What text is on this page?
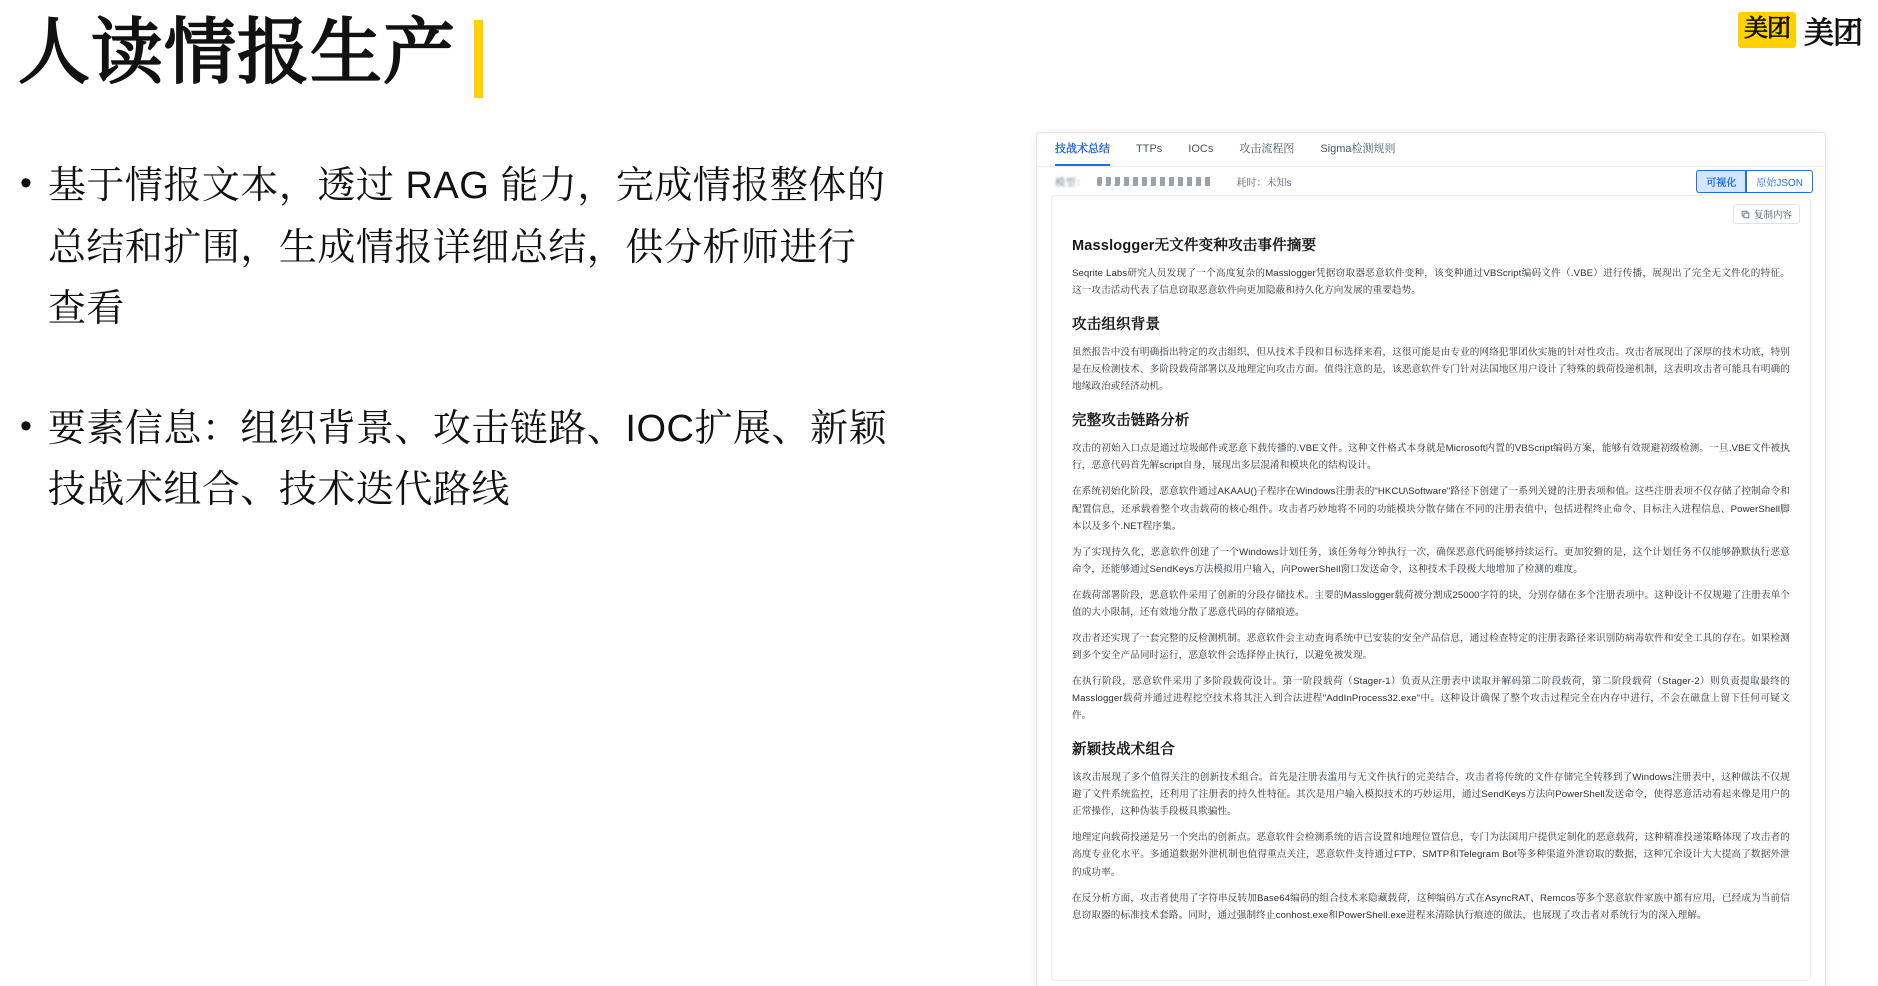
美团 美团
人读情报生产
• 基于情报文本，透过 RAG 能力，完成情报整体的总结和扩围，生成情报详细总结，供分析师进行查看
• 要素信息：组织背景、攻击链路、IOC扩展、新颖技战术组合、技术迭代路线
技战术总结 TTPs IOCs 攻击流程图 Sigma检测规则
模型：	耗时：未知s	可视化	原始JSON
复制内容
Masslogger无文件变种攻击事件摘要

Seqrite Labs研究人员发现了一个高度复杂的Masslogger凭据窃取器恶意软件变种，该变种通过VBScript编码文件（.VBE）进行传播，展现出了完全无文件化的特征。这一攻击活动代表了信息窃取恶意软件向更加隐蔽和持久化方向发展的重要趋势。

攻击组织背景

虽然报告中没有明确指出特定的攻击组织，但从技术手段和目标选择来看，这很可能是由专业的网络犯罪团伙实施的针对性攻击。攻击者展现出了深厚的技术功底，特别是在反检测技术、多阶段载荷部署以及地理定向攻击方面。值得注意的是，该恶意软件专门针对法国地区用户设计了特殊的载荷投递机制，这表明攻击者可能具有明确的地缘政治或经济动机。

完整攻击链路分析

攻击的初始入口点是通过垃圾邮件或恶意下载传播的.VBE文件。这种文件格式本身就是Microsoft内置的VBScript编码方案，能够有效规避初级检测。一旦.VBE文件被执行，恶意代码首先解script自身，展现出多层混淆和模块化的结构设计。

在系统初始化阶段，恶意软件通过AKAAU()子程序在Windows注册表的"HKCU\Software"路径下创建了一系列关键的注册表项和值。这些注册表项不仅存储了控制命令和配置信息，还承载着整个攻击载荷的核心组件。攻击者巧妙地将不同的功能模块分散存储在不同的注册表值中，包括进程终止命令、目标注入进程信息、PowerShell脚本以及多个.NET程序集。

为了实现持久化，恶意软件创建了一个Windows计划任务，该任务每分钟执行一次，确保恶意代码能够持续运行。更加狡猾的是，这个计划任务不仅能够静默执行恶意命令，还能够通过SendKeys方法模拟用户输入，向PowerShell窗口发送命令，这种技术手段极大地增加了检测的难度。

在载荷部署阶段，恶意软件采用了创新的分段存储技术。主要的Masslogger载荷被分割成25000字符的块，分别存储在多个注册表项中。这种设计不仅规避了注册表单个值的大小限制，还有效地分散了恶意代码的存储痕迹。

攻击者还实现了一套完整的反检测机制。恶意软件会主动查询系统中已安装的安全产品信息，通过检查特定的注册表路径来识别防病毒软件和安全工具的存在。如果检测到多个安全产品同时运行，恶意软件会选择停止执行，以避免被发现。

在执行阶段，恶意软件采用了多阶段载荷设计。第一阶段载荷（Stager-1）负责从注册表中读取并解码第二阶段载荷，第二阶段载荷（Stager-2）则负责提取最终的Masslogger载荷并通过进程挖空技术将其注入到合法进程"AddInProcess32.exe"中。这种设计确保了整个攻击过程完全在内存中进行，不会在磁盘上留下任何可疑文件。

新颖技战术组合

该攻击展现了多个值得关注的创新技术组合。首先是注册表滥用与无文件执行的完美结合，攻击者将传统的文件存储完全转移到了Windows注册表中，这种做法不仅规避了文件系统监控，还利用了注册表的持久性特征。其次是用户输入模拟技术的巧妙运用，通过SendKeys方法向PowerShell发送命令，使得恶意活动看起来像是用户的正常操作，这种伪装手段极具欺骗性。

地理定向载荷投递是另一个突出的创新点。恶意软件会检测系统的语言设置和地理位置信息，专门为法国用户提供定制化的恶意载荷，这种精准投递策略体现了攻击者的高度专业化水平。多通道数据外泄机制也值得重点关注，恶意软件支持通过FTP、SMTP和Telegram Bot等多种渠道外泄窃取的数据，这种冗余设计大大提高了数据外泄的成功率。

在反分析方面，攻击者使用了字符串反转加Base64编码的组合技术来隐藏载荷，这种编码方式在AsyncRAT、Remcos等多个恶意软件家族中都有应用，已经成为当前信息窃取器的标准技术套路。同时，通过强制终止conhost.exe和PowerShell.exe进程来清除执行痕迹的做法，也展现了攻击者对系统行为的深入理解。
